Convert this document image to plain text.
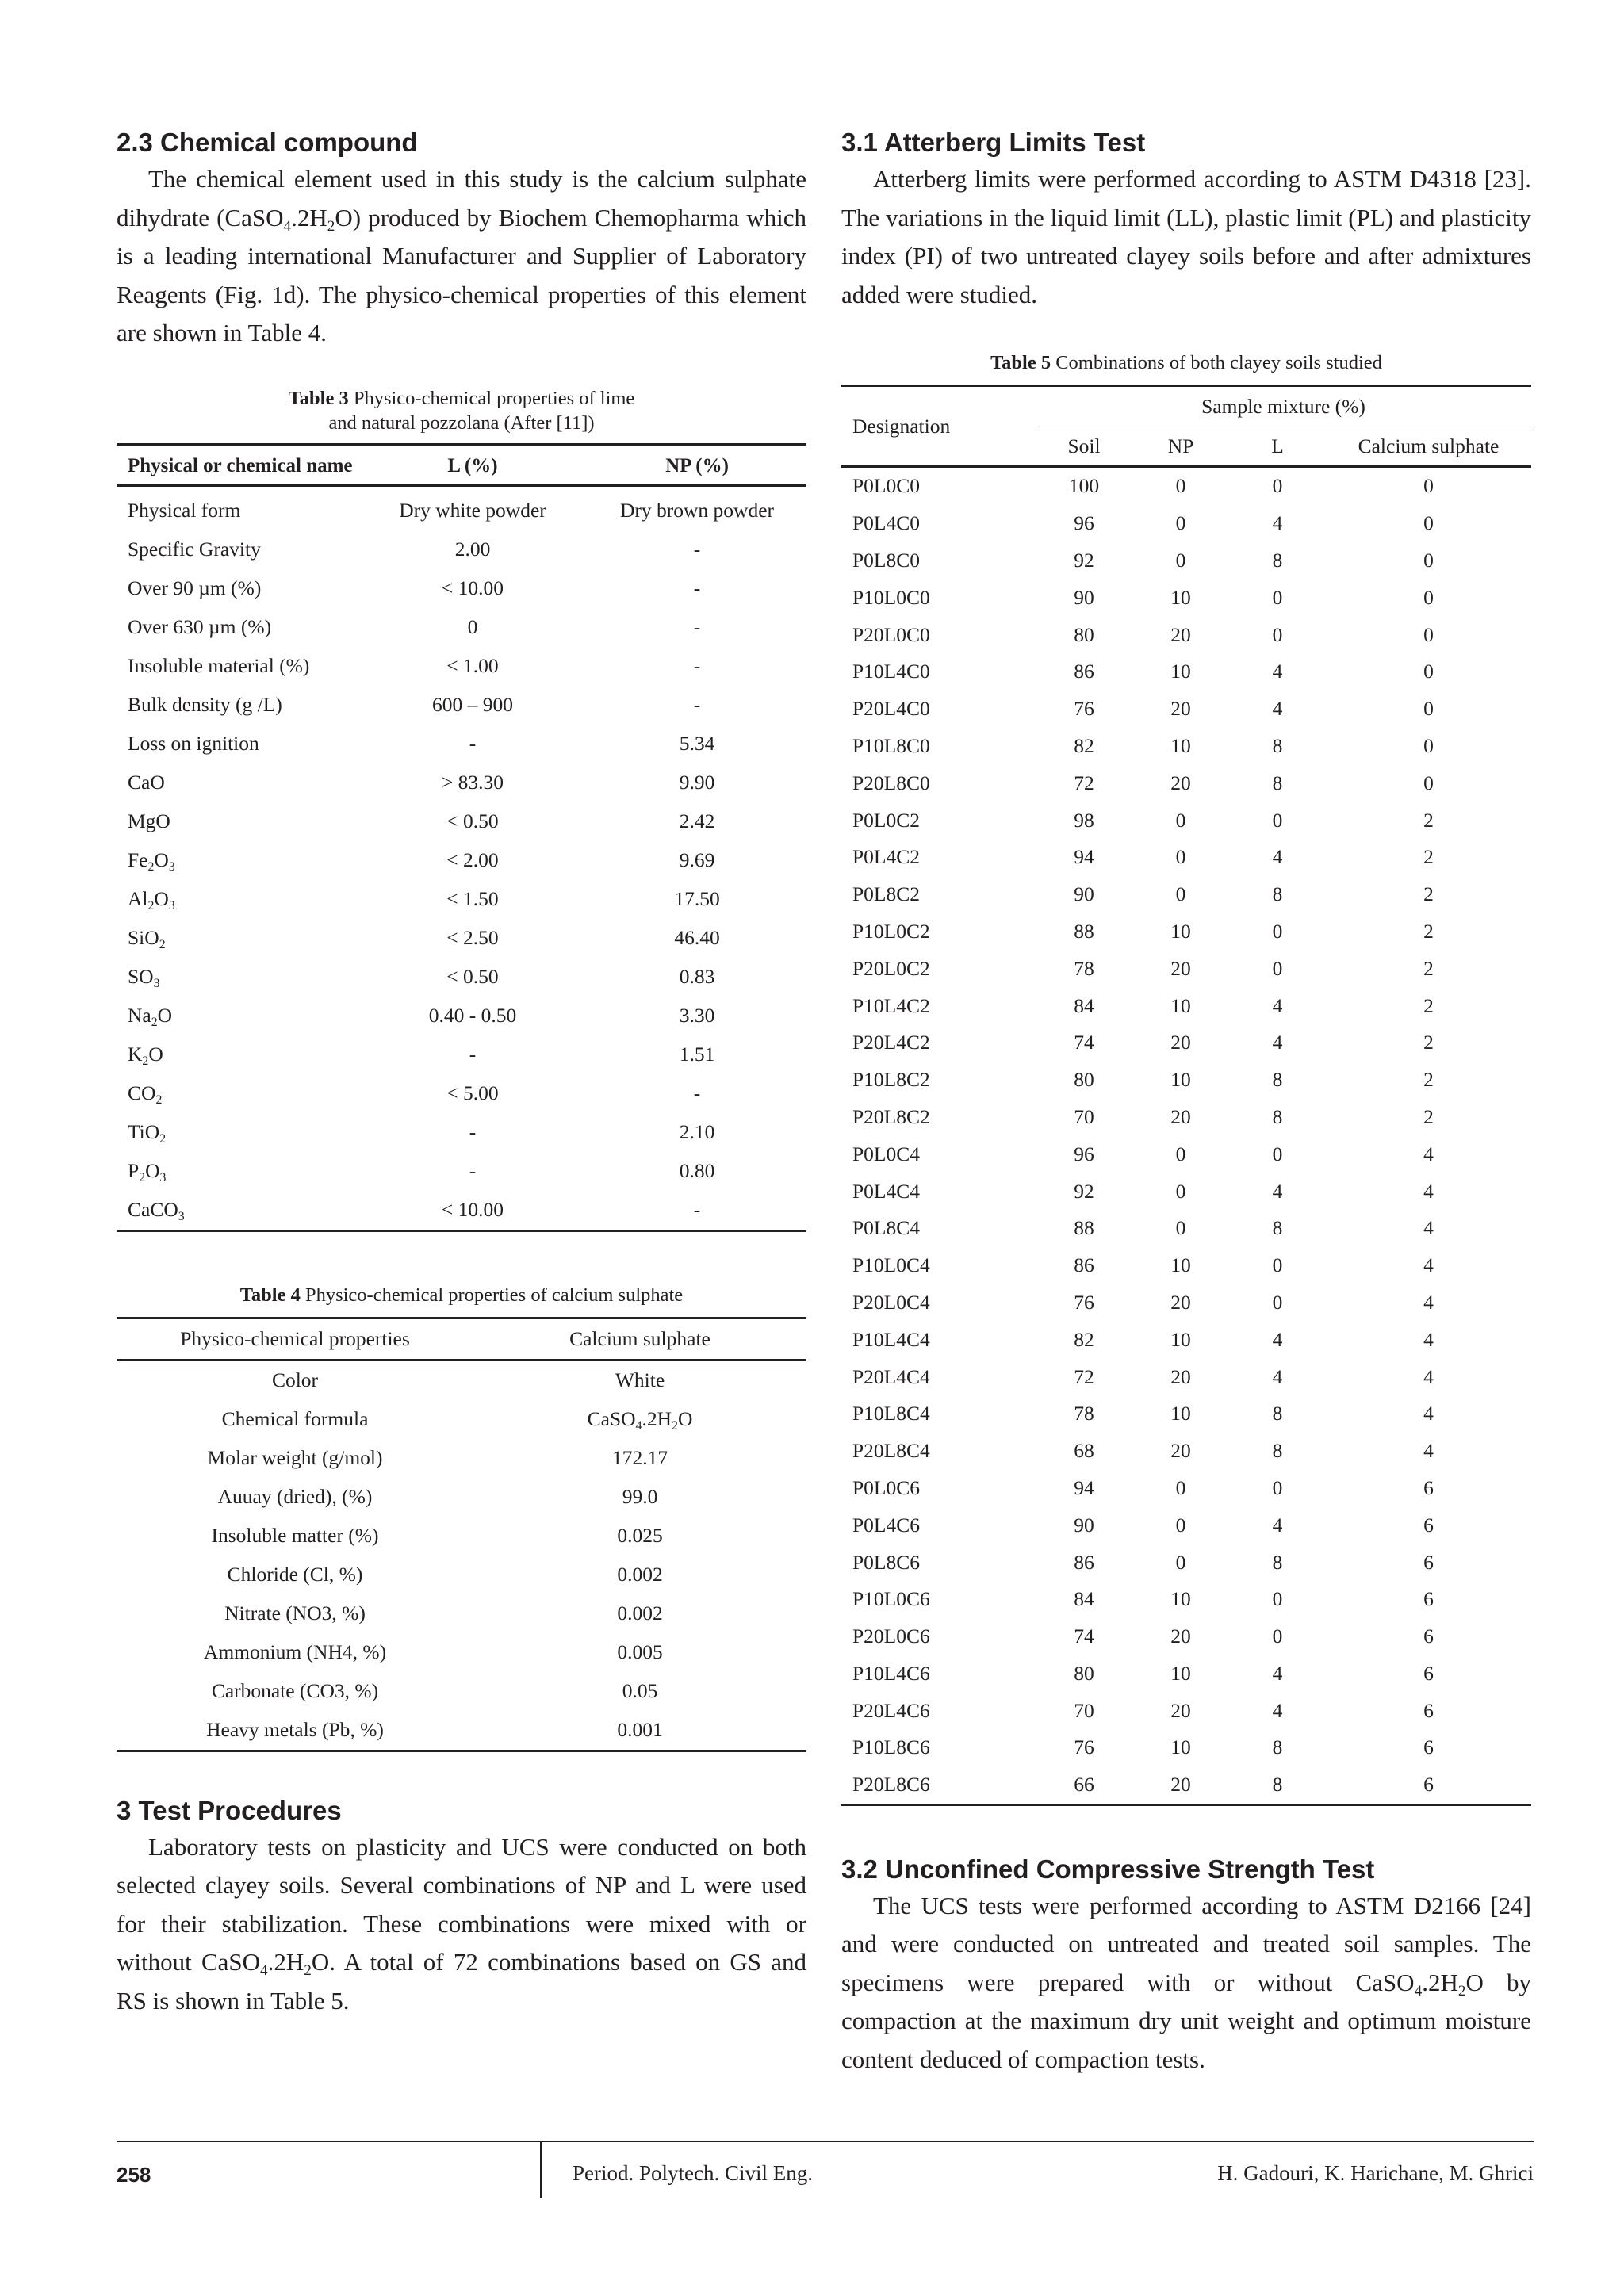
2.3 Chemical compound

The chemical element used in this study is the calcium sulphate dihydrate $(CaSO_4.2H_2O)$ produced by Biochem Chemopharma which is a leading international Manufacturer and Supplier of Laboratory Reagents (Fig. 1d). The physico-chemical properties of this element are shown in Table 4.

Table 3 Physico-chemical properties of lime
and natural pozzolana (After [11])

Physical or chemical name	L (%)	NP (%)
Physical form	Dry white powder	Dry brown powder
Specific Gravity	2.00	-
Over 90 µm (%)	< 10.00	-
Over 630 µm (%)	0	-
Insoluble material (%)	< 1.00	-
Bulk density (g /L)	600 – 900	-
Loss on ignition	-	5.34
CaO	> 83.30	9.90
MgO	< 0.50	2.42
$Fe_2O_3$	< 2.00	9.69
$Al_2O_3$	< 1.50	17.50
SiO$_2$	< 2.50	46.40
$SO_3$	< 0.50	0.83
$Na_2O$	0.40 - 0.50	3.30
$K_2O$	-	1.51
$CO_2$	< 5.00	-
TiO$_2$	-	2.10
$P_2O_3$	-	0.80
CaCO$_3$	< 10.00	-

Table 4 Physico-chemical properties of calcium sulphate

Physico-chemical properties	Calcium sulphate
Color	White
Chemical formula	$CaSO_4.2H_2O$
Molar weight (g/mol)	172.17
Auuay (dried), (%)	99.0
Insoluble matter (%)	0.025
Chloride (Cl, %)	0.002
Nitrate (NO3, %)	0.002
Ammonium (NH4, %)	0.005
Carbonate (CO3, %)	0.05
Heavy metals (Pb, %)	0.001
3 Test Procedures

Laboratory tests on plasticity and UCS were conducted on both selected clayey soils. Several combinations of NP and L were used for their stabilization. These combinations were mixed with or without $CaSO_4.2H_2O$. A total of 72 combinations based on GS and RS is shown in Table 5.

3.1 Atterberg Limits Test

Atterberg limits were performed according to ASTM D4318 [23]. The variations in the liquid limit (LL), plastic limit (PL) and plasticity index (PI) of two untreated clayey soils before and after admixtures added were studied.

Table 5 Combinations of both clayey soils studied

Designation	Sample mixture (%)			
	Soil	NP	L	Calcium sulphate
P0L0C0	100	0	0	0
P0L4C0	96	0	4	0
P0L8C0	92	0	8	0
P10L0C0	90	10	0	0
P20L0C0	80	20	0	0
P10L4C0	86	10	4	0
P20L4C0	76	20	4	0
P10L8C0	82	10	8	0
P20L8C0	72	20	8	0
P0L0C2	98	0	0	2
P0L4C2	94	0	4	2
P0L8C2	90	0	8	2
P10L0C2	88	10	0	2
P20L0C2	78	20	0	2
P10L4C2	84	10	4	2
P20L4C2	74	20	4	2
P10L8C2	80	10	8	2
P20L8C2	70	20	8	2
P0L0C4	96	0	0	4
P0L4C4	92	0	4	4
P0L8C4	88	0	8	4
P10L0C4	86	10	0	4
P20L0C4	76	20	0	4
P10L4C4	82	10	4	4
P20L4C4	72	20	4	4
P10L8C4	78	10	8	4
P20L8C4	68	20	8	4
P0L0C6	94	0	0	6
P0L4C6	90	0	4	6
P0L8C6	86	0	8	6
P10L0C6	84	10	0	6
P20L0C6	74	20	0	6
P10L4C6	80	10	4	6
P20L4C6	70	20	4	6
P10L8C6	76	10	8	6
P20L8C6	66	20	8	6
3.2 Unconfined Compressive Strength Test

The UCS tests were performed according to ASTM D2166 [24] and were conducted on untreated and treated soil samples. The specimens were prepared with or without $CaSO_4.2H_2O$ by compaction at the maximum dry unit weight and optimum moisture content deduced of compaction tests.

258	Period. Polytech. Civil Eng.	H. Gadouri, K. Harichane, M. Ghrici
